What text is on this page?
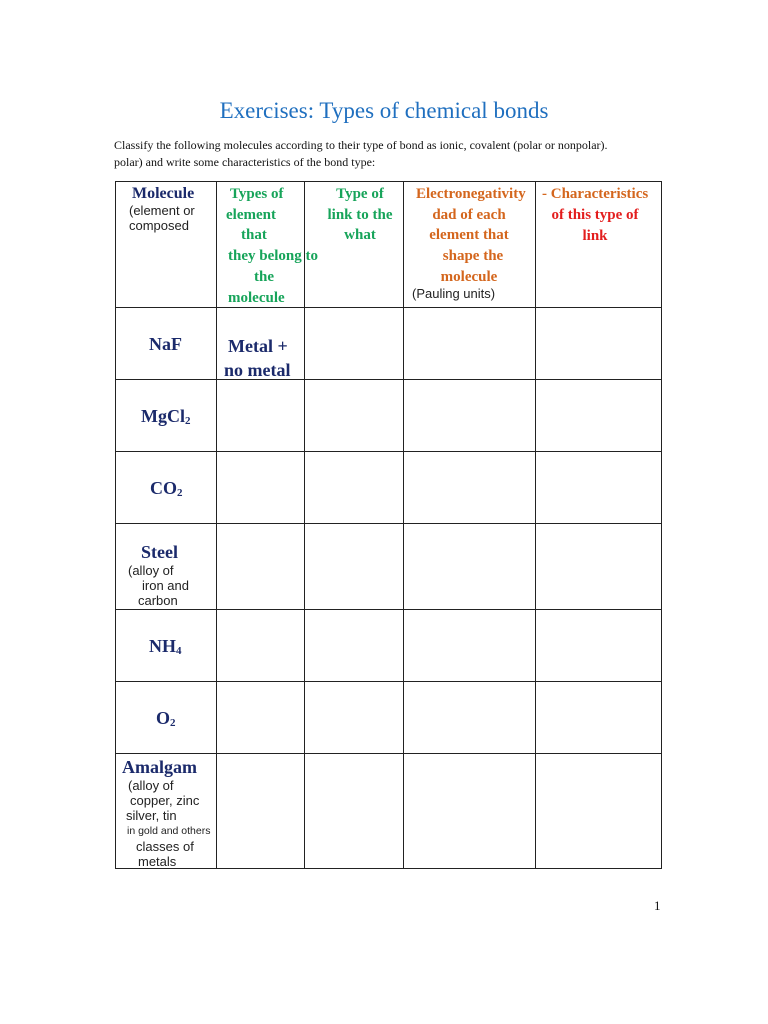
Exercises: Types of chemical bonds
Classify the following molecules according to their type of bond as ionic, covalent (polar or nonpolar).
polar) and write some characteristics of the bond type:
Molecule
(element or
composed
Types of
element
that
they belong to
the
molecule
Type of
link to the
what
Electronegativity
dad of each
element that
shape the
molecule
(Pauling units)
- Characteristics
of this type of
link
NaF	Metal +
no metal
MgCl$_2$
$CO_2$
Steel
(alloy of
iron and
carbon
$NH_4$
$O_2$
Amalgam
(alloy of
copper, zinc
silver, tin
in gold and others
classes of
metals
1
